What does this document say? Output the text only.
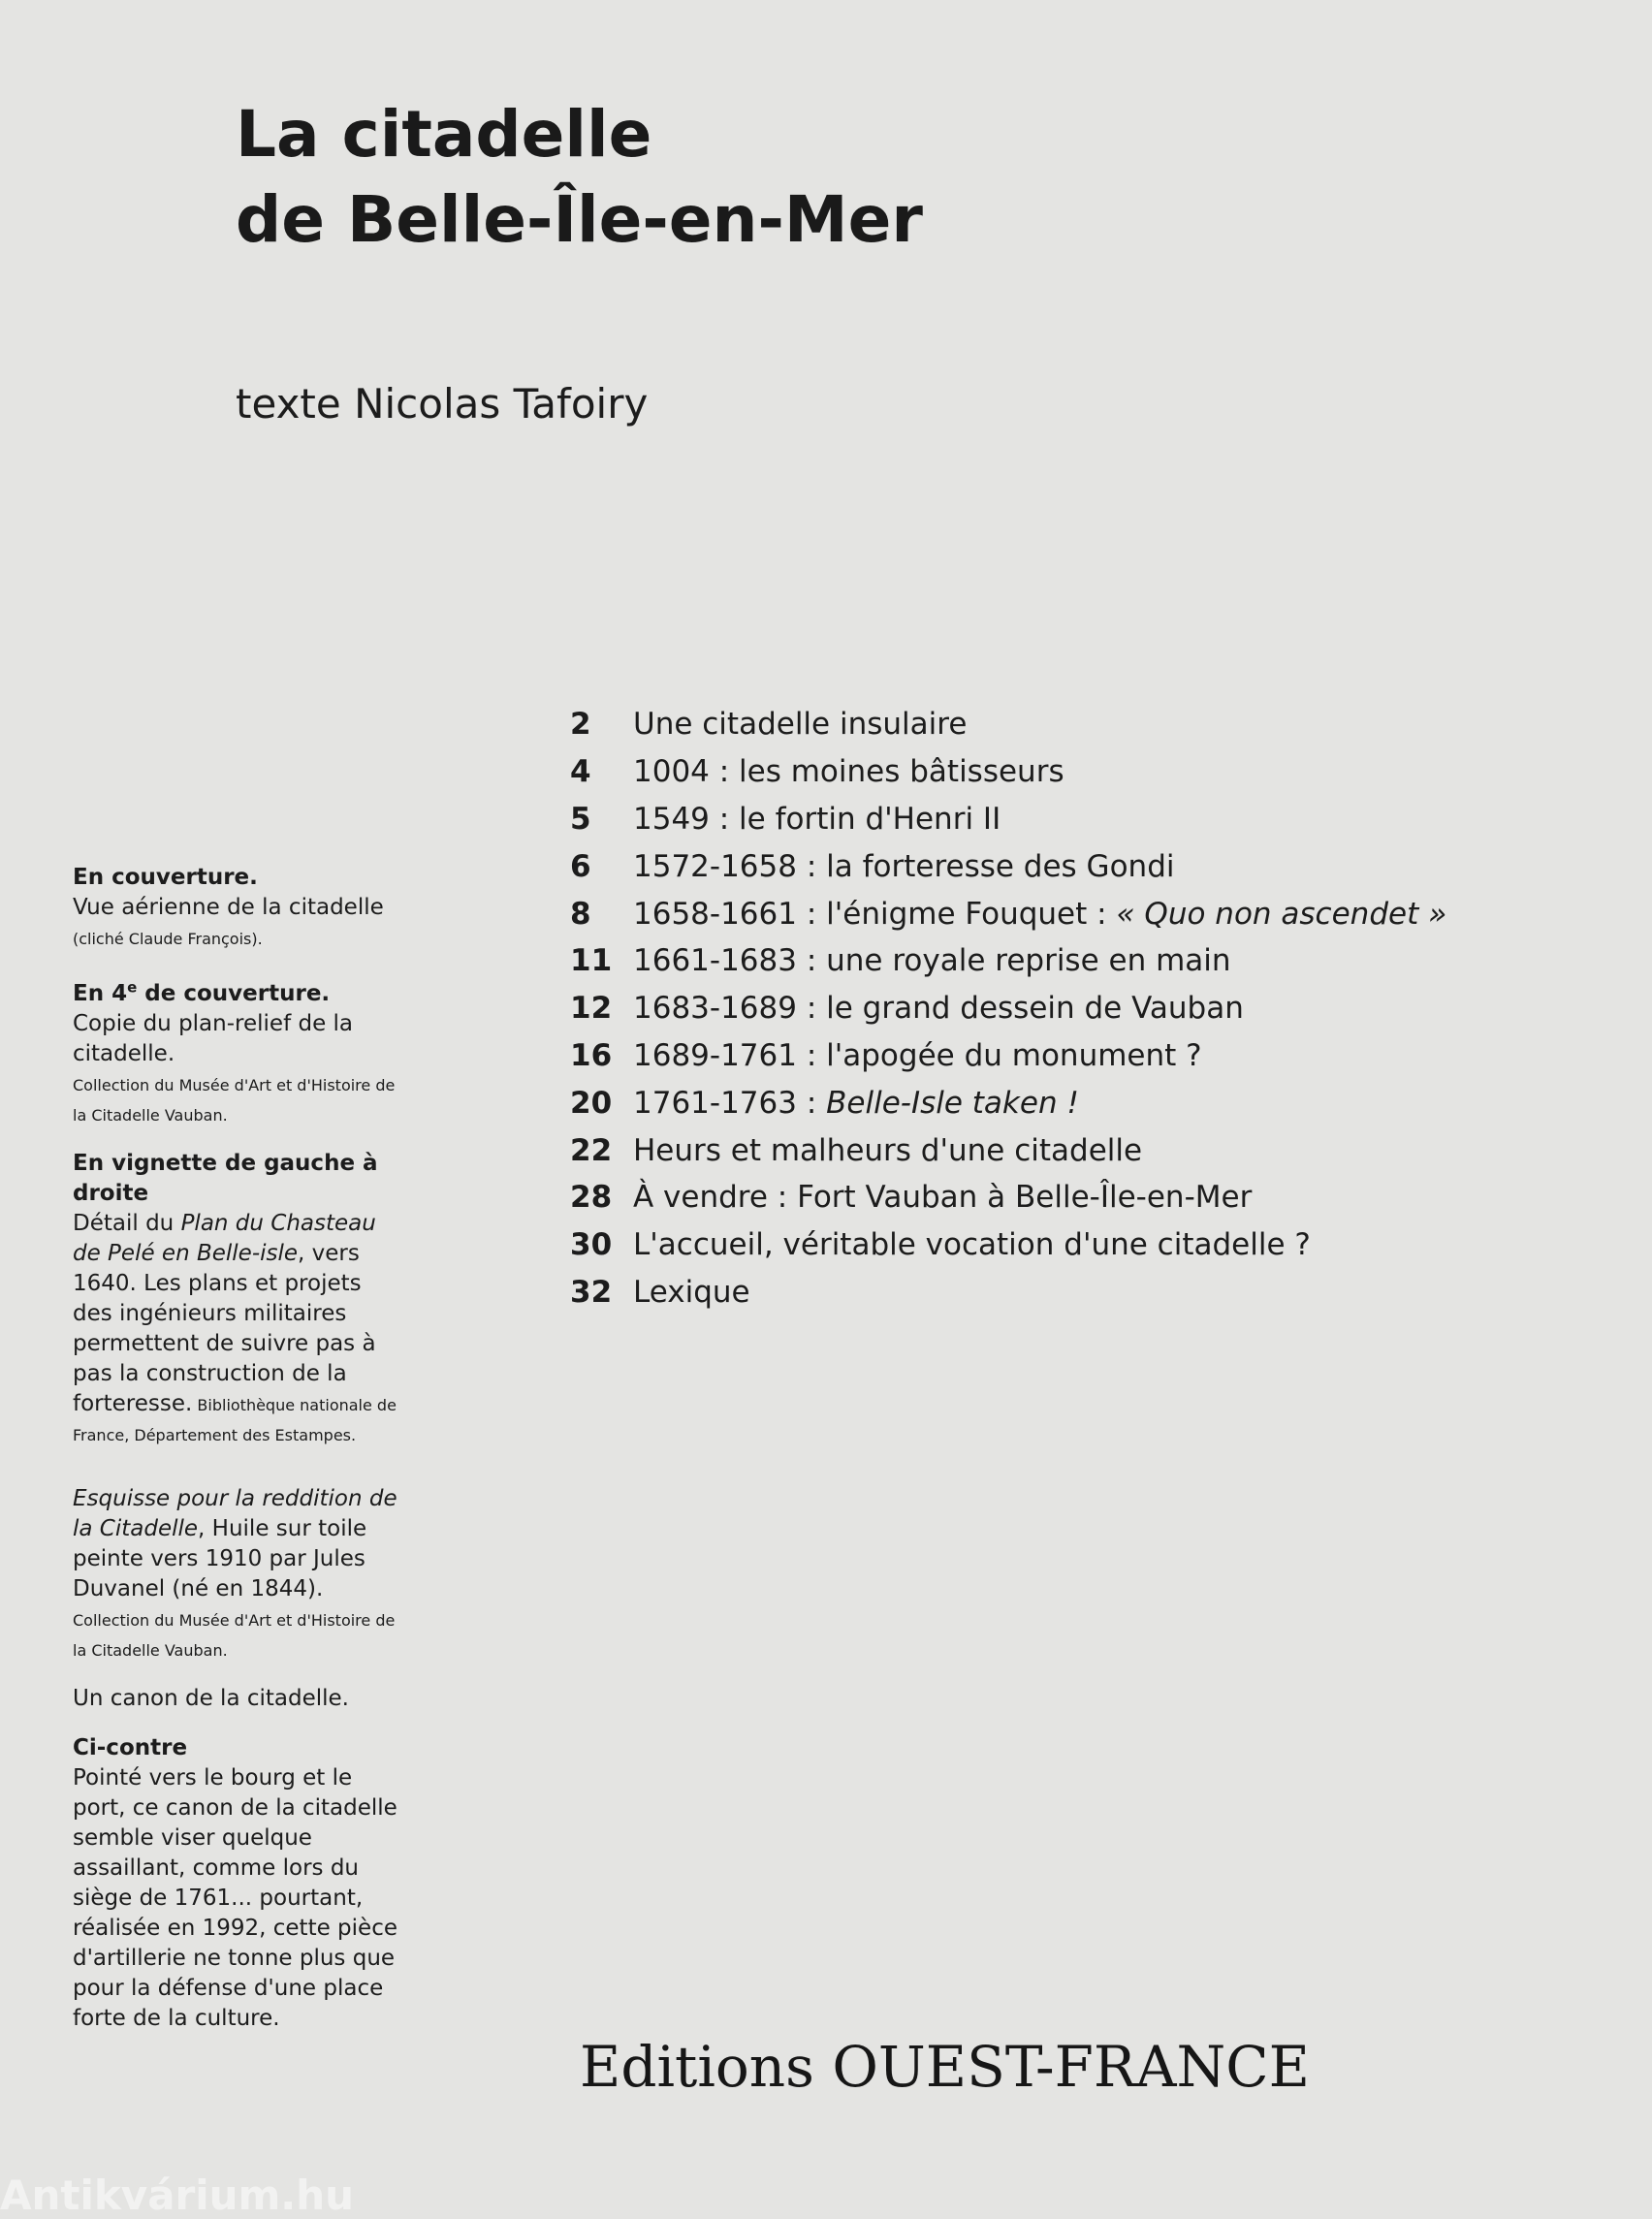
La citadelle
de Belle-Île-en-Mer

texte Nicolas Tafoiry

2	Une citadelle insulaire
4	1004 : les moines bâtisseurs
5	1549 : le fortin d'Henri II
6	1572-1658 : la forteresse des Gondi
8	1658-1661 : l'énigme Fouquet : « Quo non ascendet »
11 1661-1683 : une royale reprise en main
12 1683-1689 : le grand dessein de Vauban
16 1689-1761 : l'apogée du monument ?
20 1761-1763 : Belle-Isle taken !
22 Heurs et malheurs d'une citadelle
28 À vendre : Fort Vauban à Belle-Île-en-Mer
30 L'accueil, véritable vocation d'une citadelle ?
32 Lexique

En couverture.
Vue aérienne de la citadelle
(cliché Claude François).

En 4e de couverture.
Copie du plan-relief de la citadelle.
Collection du Musée d'Art et d'Histoire de la Citadelle Vauban.

En vignette de gauche à droite
Détail du Plan du Chasteau de Pelé en Belle-isle, vers 1640. Les plans et projets des ingénieurs militaires permettent de suivre pas à pas la construction de la forteresse. Bibliothèque nationale de France, Département des Estampes.

Esquisse pour la reddition de la Citadelle, Huile sur toile peinte vers 1910 par Jules Duvanel (né en 1844).
Collection du Musée d'Art et d'Histoire de la Citadelle Vauban.

Un canon de la citadelle.

Ci-contre
Pointé vers le bourg et le port, ce canon de la citadelle semble viser quelque assaillant, comme lors du siège de 1761... pourtant, réalisée en 1992, cette pièce d'artillerie ne tonne plus que pour la défense d'une place forte de la culture.

Editions OUEST-FRANCE

Antikvárium.hu
